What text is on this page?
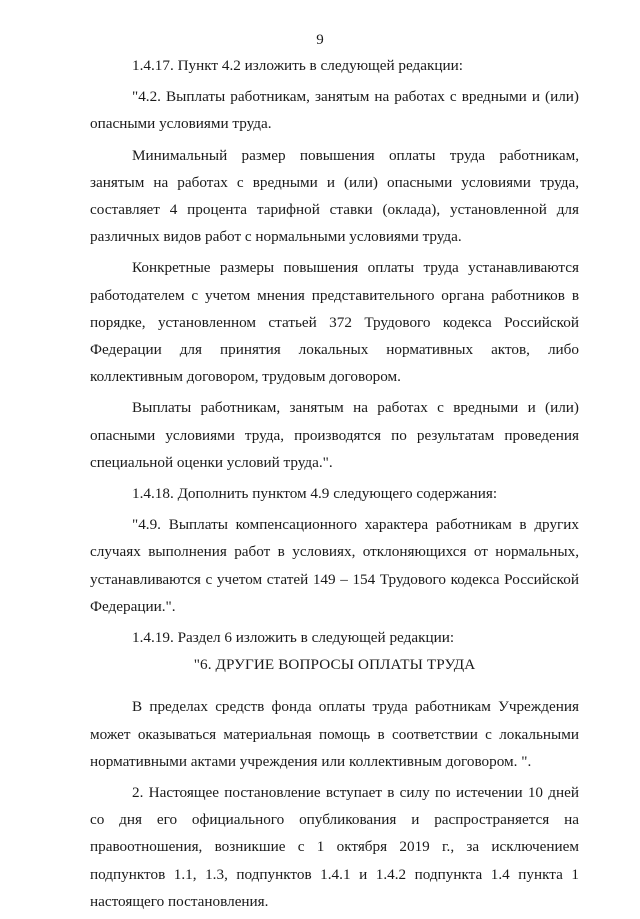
9

1.4.17. Пункт 4.2 изложить в следующей редакции:

"4.2. Выплаты работникам, занятым на работах с вредными и (или) опасными условиями труда.

Минимальный размер повышения оплаты труда работникам, занятым на работах с вредными и (или) опасными условиями труда, составляет 4 процента тарифной ставки (оклада), установленной для различных видов работ с нормальными условиями труда.

Конкретные размеры повышения оплаты труда устанавливаются работодателем с учетом мнения представительного органа работников в порядке, установленном статьей 372 Трудового кодекса Российской Федерации для принятия локальных нормативных актов, либо коллективным договором, трудовым договором.

Выплаты работникам, занятым на работах с вредными и (или) опасными условиями труда, производятся по результатам проведения специальной оценки условий труда.".

1.4.18. Дополнить пунктом 4.9 следующего содержания:

"4.9. Выплаты компенсационного характера работникам в других случаях выполнения работ в условиях, отклоняющихся от нормальных, устанавливаются с учетом статей 149 – 154 Трудового кодекса Российской Федерации.".

1.4.19. Раздел 6 изложить в следующей редакции:

"6. ДРУГИЕ ВОПРОСЫ ОПЛАТЫ ТРУДА

В пределах средств фонда оплаты труда работникам Учреждения может оказываться материальная помощь в соответствии с локальными нормативными актами учреждения или коллективным договором. ".

2. Настоящее постановление вступает в силу по истечении 10 дней со дня его официального опубликования и распространяется на правоотношения, возникшие с 1 октября 2019 г., за исключением подпунктов 1.1, 1.3, подпунктов 1.4.1 и 1.4.2 подпункта 1.4 пункта 1 настоящего постановления.
